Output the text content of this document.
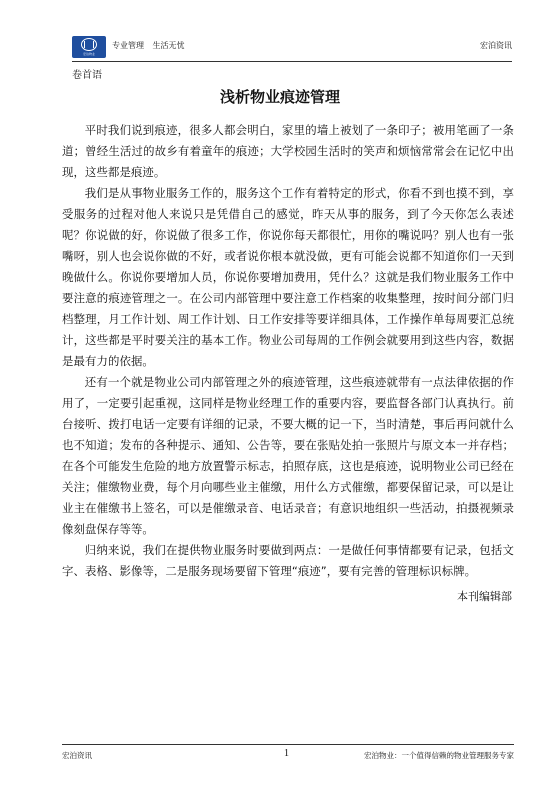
宏泊物业
专业管理 生活无忧	宏泊资讯
卷首语
浅析物业痕迹管理

平时我们说到痕迹，很多人都会明白，家里的墙上被划了一条印子；被用笔画了一条道；曾经生活过的故乡有着童年的痕迹；大学校园生活时的笑声和烦恼常常会在记忆中出现，这些都是痕迹。

我们是从事物业服务工作的，服务这个工作有着特定的形式，你看不到也摸不到，享受服务的过程对他人来说只是凭借自己的感觉，昨天从事的服务，到了今天你怎么表述呢？你说做的好，你说做了很多工作，你说你每天都很忙，用你的嘴说吗？别人也有一张嘴呀，别人也会说你做的不好，或者说你根本就没做，更有可能会说都不知道你们一天到晚做什么。你说你要增加人员，你说你要增加费用，凭什么？这就是我们物业服务工作中要注意的痕迹管理之一。在公司内部管理中要注意工作档案的收集整理，按时间分部门归档整理，月工作计划、周工作计划、日工作安排等要详细具体，工作操作单每周要汇总统计，这些都是平时要关注的基本工作。物业公司每周的工作例会就要用到这些内容，数据是最有力的依据。

还有一个就是物业公司内部管理之外的痕迹管理，这些痕迹就带有一点法律依据的作用了，一定要引起重视，这同样是物业经理工作的重要内容，要监督各部门认真执行。前台接听、拨打电话一定要有详细的记录，不要大概的记一下，当时清楚，事后再问就什么也不知道；发布的各种提示、通知、公告等，要在张贴处拍一张照片与原文本一并存档；在各个可能发生危险的地方放置警示标志，拍照存底，这也是痕迹，说明物业公司已经在关注；催缴物业费，每个月向哪些业主催缴，用什么方式催缴，都要保留记录，可以是让业主在催缴书上签名，可以是催缴录音、电话录音；有意识地组织一些活动，拍摄视频录像刻盘保存等等。

归纳来说，我们在提供物业服务时要做到两点：一是做任何事情都要有记录，包括文字、表格、影像等，二是服务现场要留下管理“痕迹”，要有完善的管理标识标牌。

本刊编辑部
宏泊资讯	1	宏泊物业：一个值得信赖的物业管理服务专家
